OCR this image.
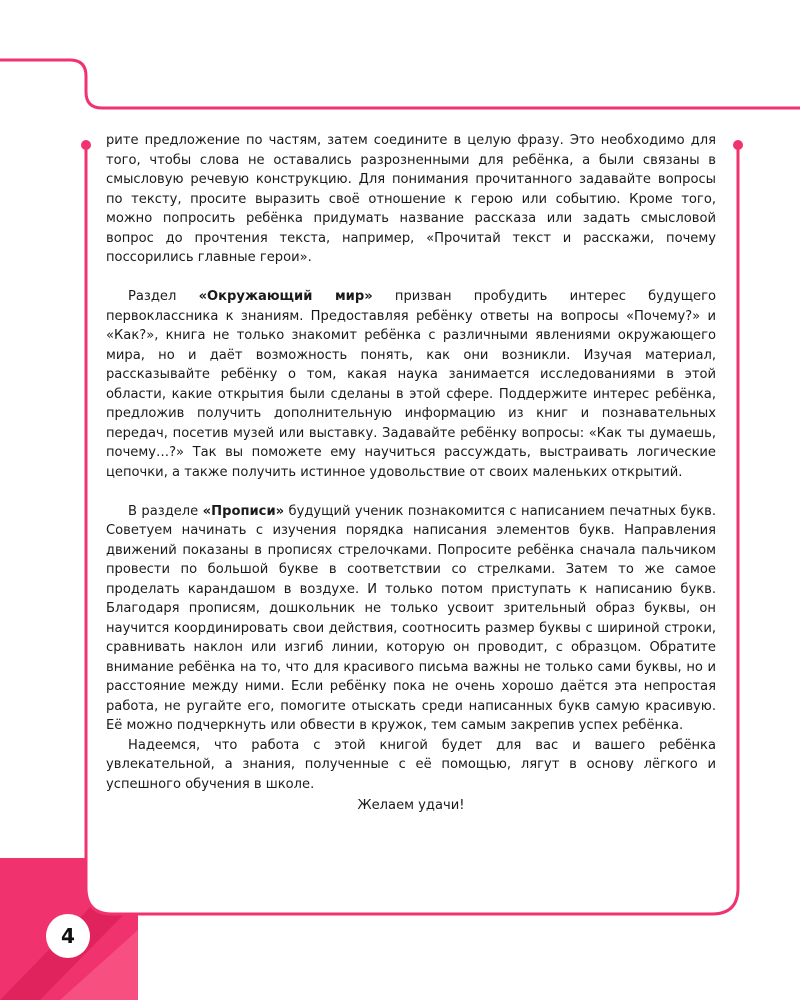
4

рите предложение по частям, затем соедините в целую фразу. Это необходимо для того, чтобы слова не оставались разрозненными для ребёнка, а были связаны в смысловую речевую конструкцию. Для понимания прочитанного задавайте вопросы по тексту, просите выразить своё отношение к герою или событию. Кроме того, можно попросить ребёнка придумать название рассказа или задать смысловой вопрос до прочтения текста, например, «Прочитай текст и расскажи, почему поссорились главные герои».

Раздел «Окружающий мир» призван пробудить интерес будущего первоклассника к знаниям. Предоставляя ребёнку ответы на вопросы «Почему?» и «Как?», книга не только знакомит ребёнка с различными явлениями окружающего мира, но и даёт возможность понять, как они возникли. Изучая материал, рассказывайте ребёнку о том, какая наука занимается исследованиями в этой области, какие открытия были сделаны в этой сфере. Поддержите интерес ребёнка, предложив получить дополнительную информацию из книг и познавательных передач, посетив музей или выставку. Задавайте ребёнку вопросы: «Как ты думаешь, почему…?» Так вы поможете ему научиться рассуждать, выстраивать логические цепочки, а также получить истинное удовольствие от своих маленьких открытий.

В разделе «Прописи» будущий ученик познакомится с написанием печатных букв. Советуем начинать с изучения порядка написания элементов букв. Направления движений показаны в прописях стрелочками. Попросите ребёнка сначала пальчиком провести по большой букве в соответствии со стрелками. Затем то же самое проделать карандашом в воздухе. И только потом приступать к написанию букв. Благодаря прописям, дошкольник не только усвоит зрительный образ буквы, он научится координировать свои действия, соотносить размер буквы с шириной строки, сравнивать наклон или изгиб линии, которую он проводит, с образцом. Обратите внимание ребёнка на то, что для красивого письма важны не только сами буквы, но и расстояние между ними. Если ребёнку пока не очень хорошо даётся эта непростая работа, не ругайте его, помогите отыскать среди написанных букв самую красивую. Её можно подчеркнуть или обвести в кружок, тем самым закрепив успех ребёнка.

Надеемся, что работа с этой книгой будет для вас и вашего ребёнка увлекательной, а знания, полученные с её помощью, лягут в основу лёгкого и успешного обучения в школе.

Желаем удачи!
